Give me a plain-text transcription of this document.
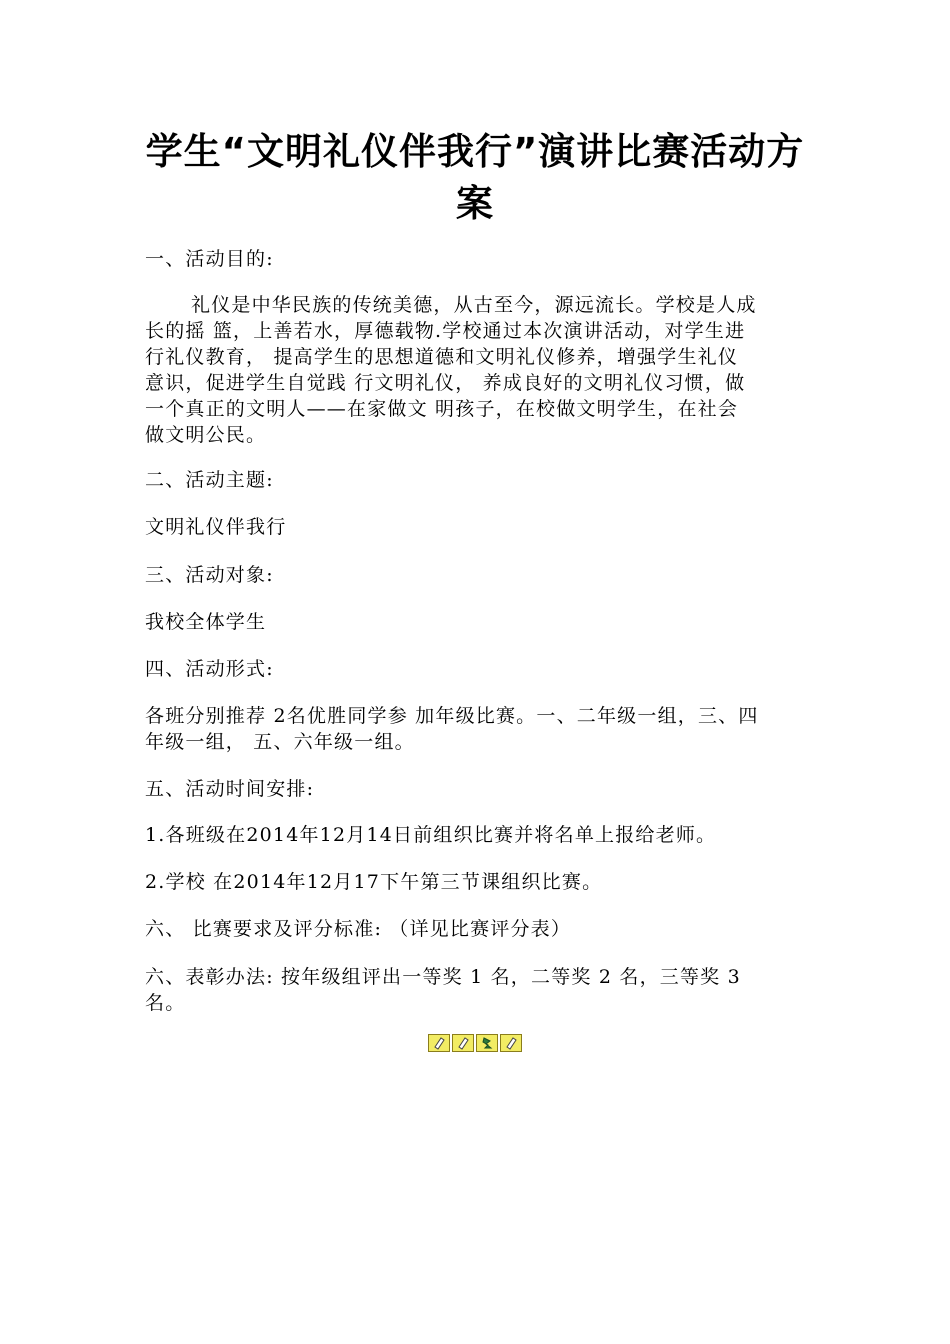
学生“文明礼仪伴我行”演讲比赛活动方
案
一、活动目的:
礼仪是中华民族的传统美德，从古至今，源远流长。学校是人成
长的摇 篮，上善若水，厚德载物.学校通过本次演讲活动，对学生进
行礼仪教育， 提高学生的思想道德和文明礼仪修养，增强学生礼仪
意识，促进学生自觉践 行文明礼仪， 养成良好的文明礼仪习惯，做
一个真正的文明人——在家做文 明孩子，在校做文明学生，在社会
做文明公民。
二、活动主题:
文明礼仪伴我行
三、活动对象:
我校全体学生
四、活动形式:
各班分别推荐 2名优胜同学参 加年级比赛。一、二年级一组，三、四
年级一组， 五、六年级一组。
五、活动时间安排:
1.各班级在2014年12月14日前组织比赛并将名单上报给老师。
2.学校 在2014年12月17下午第三节课组织比赛。
六、 比赛要求及评分标准: （详见比赛评分表）
六、表彰办法: 按年级组评出一等奖 1 名，二等奖 2 名，三等奖 3
名。
